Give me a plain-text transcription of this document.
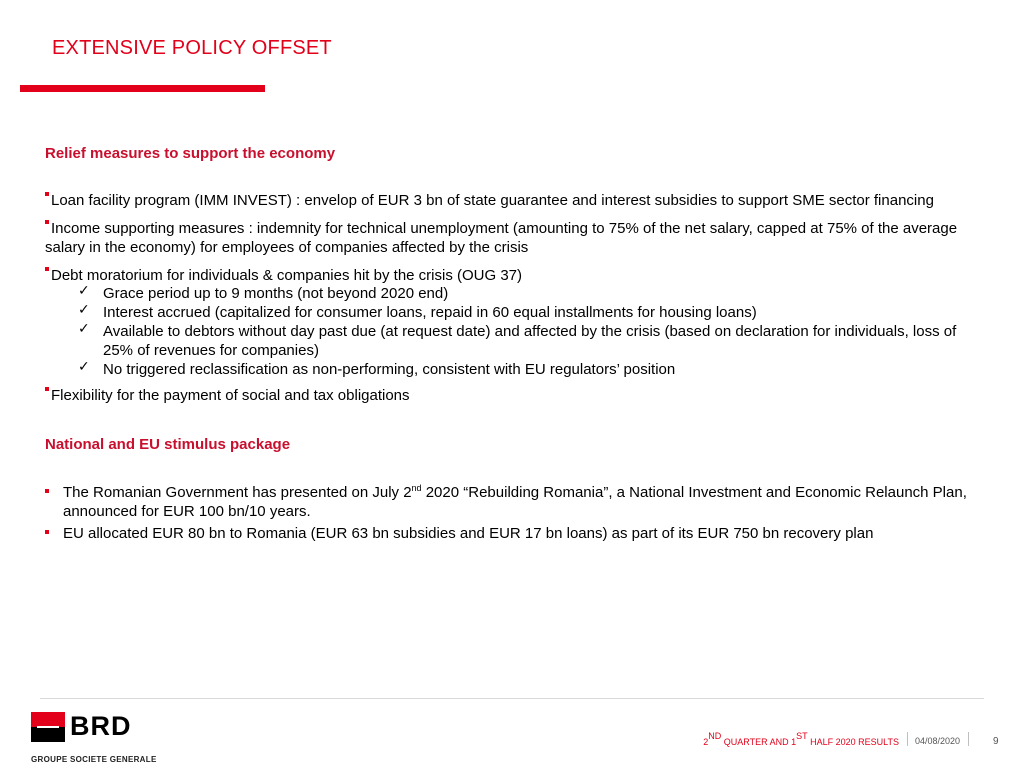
EXTENSIVE POLICY OFFSET
Relief measures to support the economy
Loan facility program (IMM INVEST) : envelop of EUR 3 bn of state guarantee and interest subsidies to support SME sector financing
Income supporting measures : indemnity for technical unemployment (amounting to 75% of the net salary, capped at 75% of the average salary in the economy) for employees of companies affected by the crisis
Debt moratorium for individuals & companies hit by the crisis (OUG 37)
✓ Grace period up to 9 months (not beyond 2020 end)
✓ Interest accrued (capitalized for consumer loans, repaid in 60 equal installments for housing loans)
✓ Available to debtors without day past due (at request date) and affected by the crisis (based on declaration for individuals, loss of 25% of revenues for companies)
✓ No triggered reclassification as non-performing, consistent with EU regulators’ position
Flexibility for the payment of social and tax obligations
National and EU stimulus package
The Romanian Government has presented on July 2nd 2020 “Rebuilding Romania”, a National Investment and Economic Relaunch Plan, announced for EUR 100 bn/10 years.
EU allocated EUR 80 bn to Romania (EUR 63 bn subsidies and EUR 17 bn loans) as part of its EUR 750 bn recovery plan
BRD
GROUPE SOCIETE GENERALE
2ND QUARTER AND 1ST HALF 2020 RESULTS 04/08/2020	9
